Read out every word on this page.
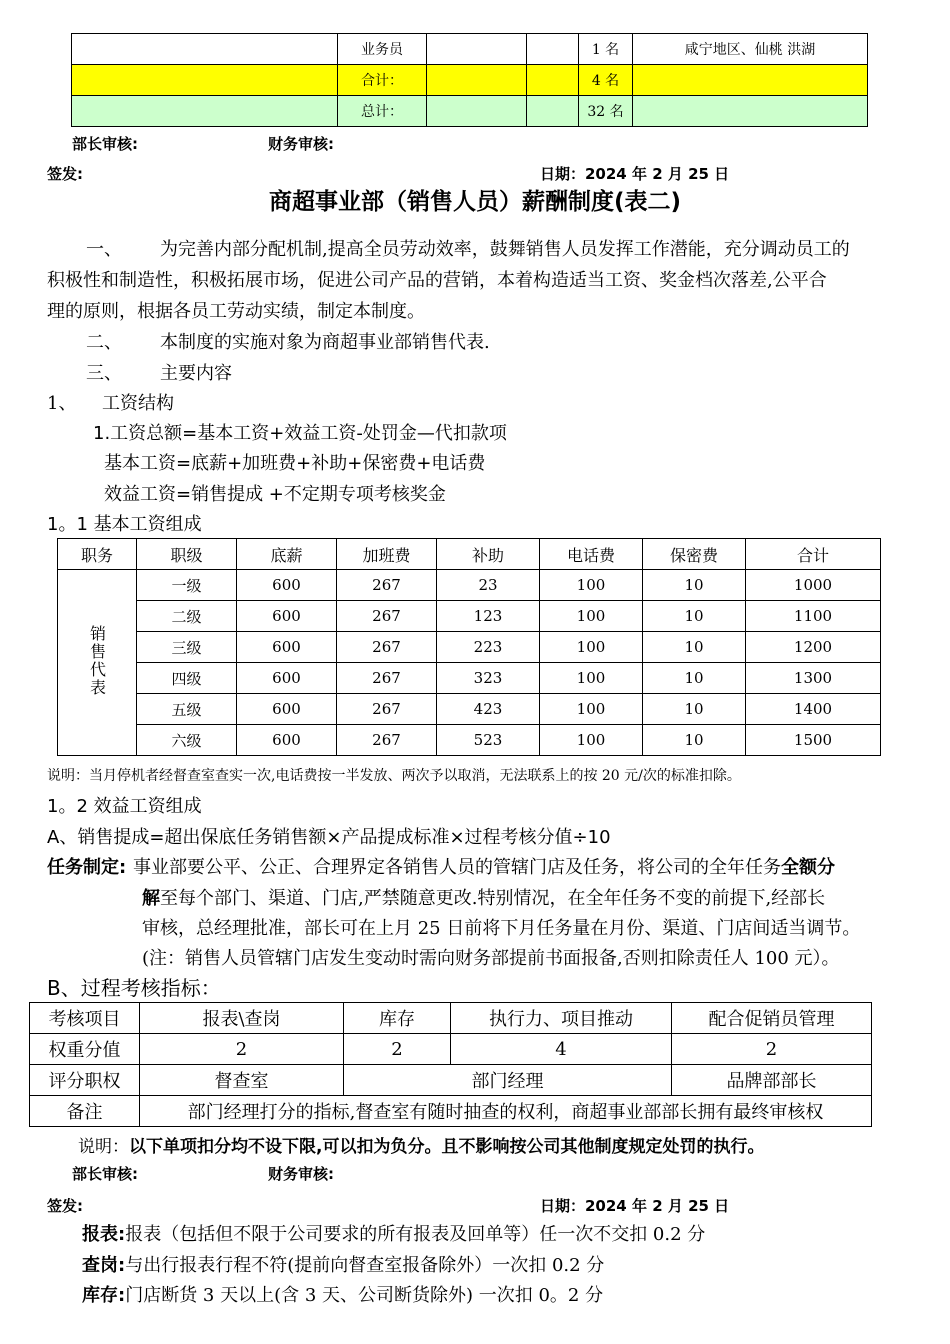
	业务员			1 名	咸宁地区、仙桃 洪湖
	合计：			4 名	
	总计：			32 名	
部长审核:	财务审核:
签发:	日期：2024 年 2 月 25 日
商超事业部（销售人员）薪酬制度(表二)
一、 为完善内部分配机制,提高全员劳动效率，鼓舞销售人员发挥工作潜能，充分调动员工的
积极性和制造性，积极拓展市场，促进公司产品的营销，本着构造适当工资、奖金档次落差,公平合
理的原则，根据各员工劳动实绩，制定本制度。
二、 本制度的实施对象为商超事业部销售代表.
三、 主要内容
1、 工资结构
1.工资总额=基本工资+效益工资-处罚金—代扣款项
基本工资=底薪+加班费+补助+保密费+电话费
效益工资=销售提成 +不定期专项考核奖金
1。1 基本工资组成
职务	职级	底薪	加班费	补助	电话费	保密费	合计
销售代表	一级	600	267	23	100	10	1000
	二级	600	267	123	100	10	1100
	三级	600	267	223	100	10	1200
	四级	600	267	323	100	10	1300
	五级	600	267	423	100	10	1400
	六级	600	267	523	100	10	1500
说明：当月停机者经督查室查实一次,电话费按一半发放、两次予以取消，无法联系上的按 20 元/次的标准扣除。
1。2 效益工资组成
A、销售提成=超出保底任务销售额×产品提成标准×过程考核分值÷10
任务制定: 事业部要公平、公正、合理界定各销售人员的管辖门店及任务，将公司的全年任务全额分
解至每个部门、渠道、门店,严禁随意更改.特别情况，在全年任务不变的前提下,经部长
审核，总经理批准，部长可在上月 25 日前将下月任务量在月份、渠道、门店间适当调节。
(注：销售人员管辖门店发生变动时需向财务部提前书面报备,否则扣除责任人 100 元）。
B、过程考核指标：
考核项目	报表\查岗	库存	执行力、项目推动	配合促销员管理
权重分值	2	2	4	2
评分职权	督查室	部门经理		品牌部部长
备注	部门经理打分的指标,督查室有随时抽查的权利，商超事业部部长拥有最终审核权			
说明：以下单项扣分均不设下限,可以扣为负分。且不影响按公司其他制度规定处罚的执行。
部长审核:	财务审核:
签发:	日期：2024 年 2 月 25 日
报表:报表（包括但不限于公司要求的所有报表及回单等）任一次不交扣 0.2 分
查岗:与出行报表行程不符(提前向督查室报备除外）一次扣 0.2 分
库存:门店断货 3 天以上(含 3 天、公司断货除外) 一次扣 0。2 分
